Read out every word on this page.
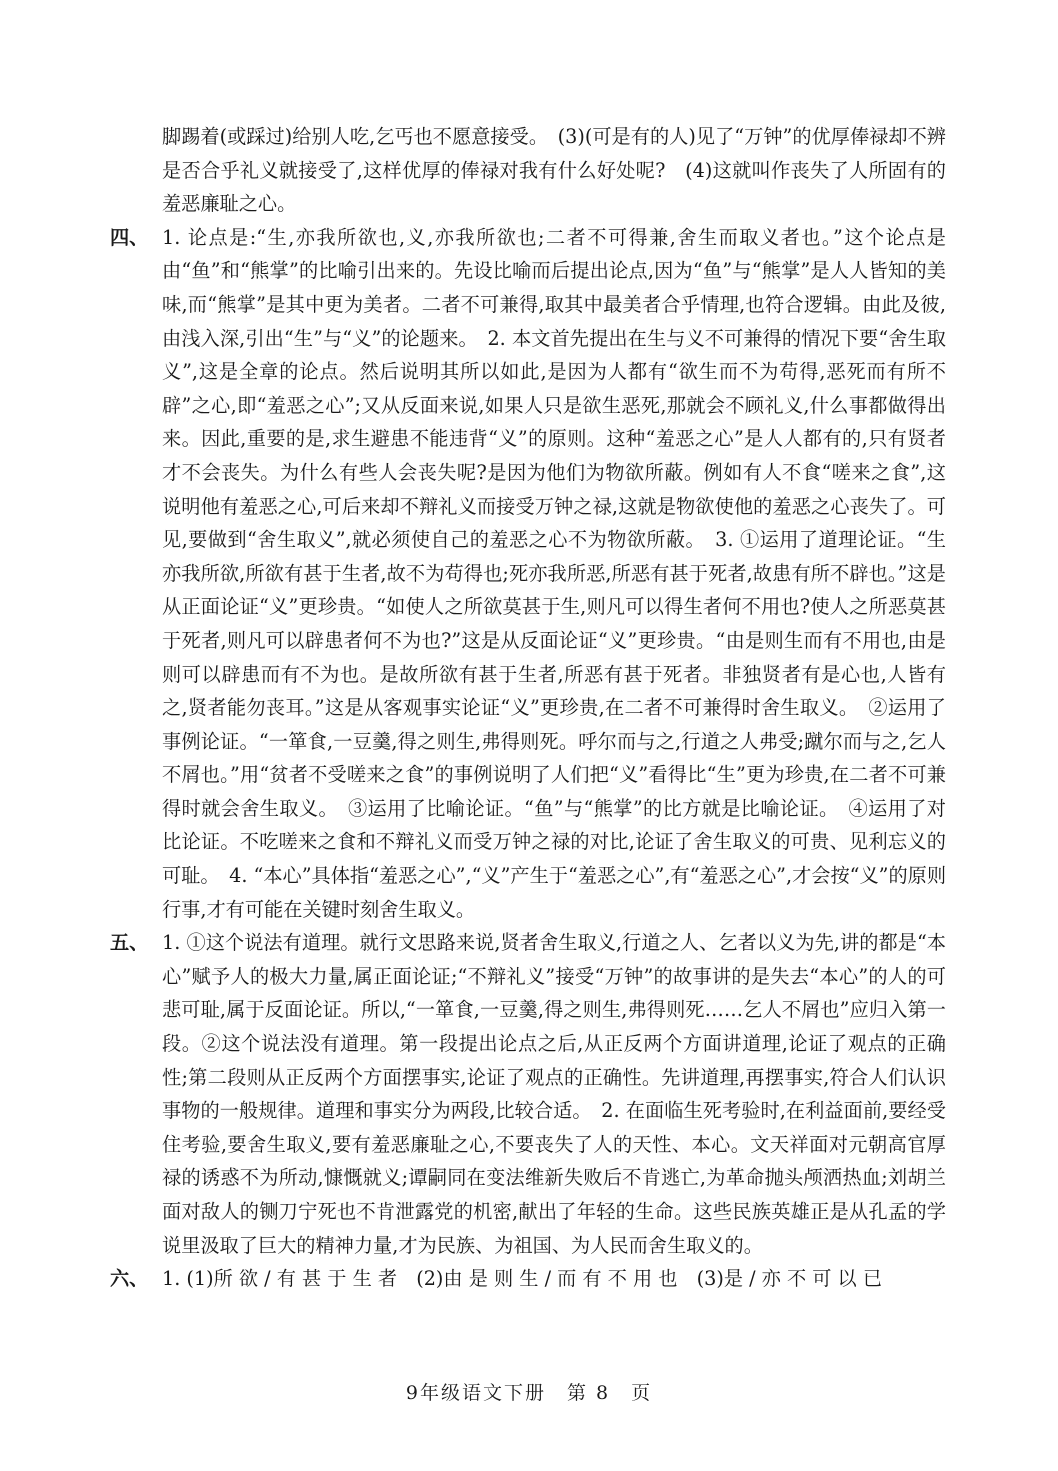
脚踢着(或踩过)给别人吃,乞丐也不愿意接受。　(3)(可是有的人)见了“万钟”的优厚俸禄却不辨是否合乎礼义就接受了,这样优厚的俸禄对我有什么好处呢?　(4)这就叫作丧失了人所固有的羞恶廉耻之心。

四、 1. 论点是:“生,亦我所欲也,义,亦我所欲也;二者不可得兼,舍生而取义者也。”这个论点是由“鱼”和“熊掌”的比喻引出来的。先设比喻而后提出论点,因为“鱼”与“熊掌”是人人皆知的美味,而“熊掌”是其中更为美者。二者不可兼得,取其中最美者合乎情理,也符合逻辑。由此及彼,由浅入深,引出“生”与“义”的论题来。　2. 本文首先提出在生与义不可兼得的情况下要“舍生取义”,这是全章的论点。然后说明其所以如此,是因为人都有“欲生而不为苟得,恶死而有所不辟”之心,即“羞恶之心”;又从反面来说,如果人只是欲生恶死,那就会不顾礼义,什么事都做得出来。因此,重要的是,求生避患不能违背“义”的原则。这种“羞恶之心”是人人都有的,只有贤者才不会丧失。为什么有些人会丧失呢?是因为他们为物欲所蔽。例如有人不食“嗟来之食”,这说明他有羞恶之心,可后来却不辩礼义而接受万钟之禄,这就是物欲使他的羞恶之心丧失了。可见,要做到“舍生取义”,就必须使自己的羞恶之心不为物欲所蔽。　3. ①运用了道理论证。“生亦我所欲,所欲有甚于生者,故不为苟得也;死亦我所恶,所恶有甚于死者,故患有所不辟也。”这是从正面论证“义”更珍贵。“如使人之所欲莫甚于生,则凡可以得生者何不用也?使人之所恶莫甚于死者,则凡可以辟患者何不为也?”这是从反面论证“义”更珍贵。“由是则生而有不用也,由是则可以辟患而有不为也。是故所欲有甚于生者,所恶有甚于死者。非独贤者有是心也,人皆有之,贤者能勿丧耳。”这是从客观事实论证“义”更珍贵,在二者不可兼得时舍生取义。　②运用了事例论证。“一箪食,一豆羹,得之则生,弗得则死。呼尔而与之,行道之人弗受;蹴尔而与之,乞人不屑也。”用“贫者不受嗟来之食”的事例说明了人们把“义”看得比“生”更为珍贵,在二者不可兼得时就会舍生取义。　③运用了比喻论证。“鱼”与“熊掌”的比方就是比喻论证。　④运用了对比论证。不吃嗟来之食和不辩礼义而受万钟之禄的对比,论证了舍生取义的可贵、见利忘义的可耻。　4. “本心”具体指“羞恶之心”,“义”产生于“羞恶之心”,有“羞恶之心”,才会按“义”的原则行事,才有可能在关键时刻舍生取义。

五、 1. ①这个说法有道理。就行文思路来说,贤者舍生取义,行道之人、乞者以义为先,讲的都是“本心”赋予人的极大力量,属正面论证;“不辩礼义”接受“万钟”的故事讲的是失去“本心”的人的可悲可耻,属于反面论证。所以,“一箪食,一豆羹,得之则生,弗得则死……乞人不屑也”应归入第一段。②这个说法没有道理。第一段提出论点之后,从正反两个方面讲道理,论证了观点的正确性;第二段则从正反两个方面摆事实,论证了观点的正确性。先讲道理,再摆事实,符合人们认识事物的一般规律。道理和事实分为两段,比较合适。　2. 在面临生死考验时,在利益面前,要经受住考验,要舍生取义,要有羞恶廉耻之心,不要丧失了人的天性、本心。文天祥面对元朝高官厚禄的诱惑不为所动,慷慨就义;谭嗣同在变法维新失败后不肯逃亡,为革命抛头颅洒热血;刘胡兰面对敌人的铡刀宁死也不肯泄露党的机密,献出了年轻的生命。这些民族英雄正是从孔孟的学说里汲取了巨大的精神力量,才为民族、为祖国、为人民而舍生取义的。

六、 1. (1)所 欲 / 有 甚 于 生 者　(2)由 是 则 生 / 而 有 不 用 也　(3)是 / 亦 不 可 以 已

9年级语文下册　第 8　页
